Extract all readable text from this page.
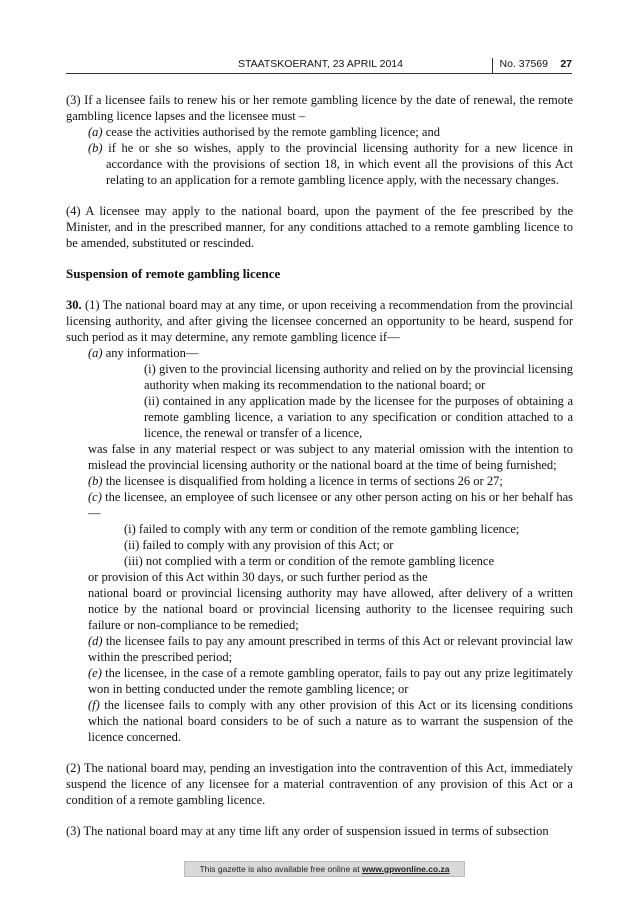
STAATSKOERANT, 23 APRIL 2014	No. 37569 27

(3) If a licensee fails to renew his or her remote gambling licence by the date of renewal, the remote gambling licence lapses and the licensee must –

(a) cease the activities authorised by the remote gambling licence; and

(b) if he or she so wishes, apply to the provincial licensing authority for a new licence in accordance with the provisions of section 18, in which event all the provisions of this Act relating to an application for a remote gambling licence apply, with the necessary changes.

(4) A licensee may apply to the national board, upon the payment of the fee prescribed by the Minister, and in the prescribed manner, for any conditions attached to a remote gambling licence to be amended, substituted or rescinded.

Suspension of remote gambling licence

30. (1) The national board may at any time, or upon receiving a recommendation from the provincial licensing authority, and after giving the licensee concerned an opportunity to be heard, suspend for such period as it may determine, any remote gambling licence if—

(a) any information—

(i) given to the provincial licensing authority and relied on by the provincial licensing authority when making its recommendation to the national board; or

(ii) contained in any application made by the licensee for the purposes of obtaining a remote gambling licence, a variation to any specification or condition attached to a licence, the renewal or transfer of a licence,

was false in any material respect or was subject to any material omission with the intention to mislead the provincial licensing authority or the national board at the time of being furnished;

(b) the licensee is disqualified from holding a licence in terms of sections 26 or 27;

(c) the licensee, an employee of such licensee or any other person acting on his or her behalf has—

(i) failed to comply with any term or condition of the remote gambling licence;

(ii) failed to comply with any provision of this Act; or

(iii) not complied with a term or condition of the remote gambling licence

or provision of this Act within 30 days, or such further period as the

national board or provincial licensing authority may have allowed, after delivery of a written notice by the national board or provincial licensing authority to the licensee requiring such failure or non-compliance to be remedied;

(d) the licensee fails to pay any amount prescribed in terms of this Act or relevant provincial law within the prescribed period;

(e) the licensee, in the case of a remote gambling operator, fails to pay out any prize legitimately won in betting conducted under the remote gambling licence; or

(f) the licensee fails to comply with any other provision of this Act or its licensing conditions which the national board considers to be of such a nature as to warrant the suspension of the licence concerned.

(2) The national board may, pending an investigation into the contravention of this Act, immediately suspend the licence of any licensee for a material contravention of any provision of this Act or a condition of a remote gambling licence.

(3) The national board may at any time lift any order of suspension issued in terms of subsection

This gazette is also available free online at www.gpwonline.co.za
